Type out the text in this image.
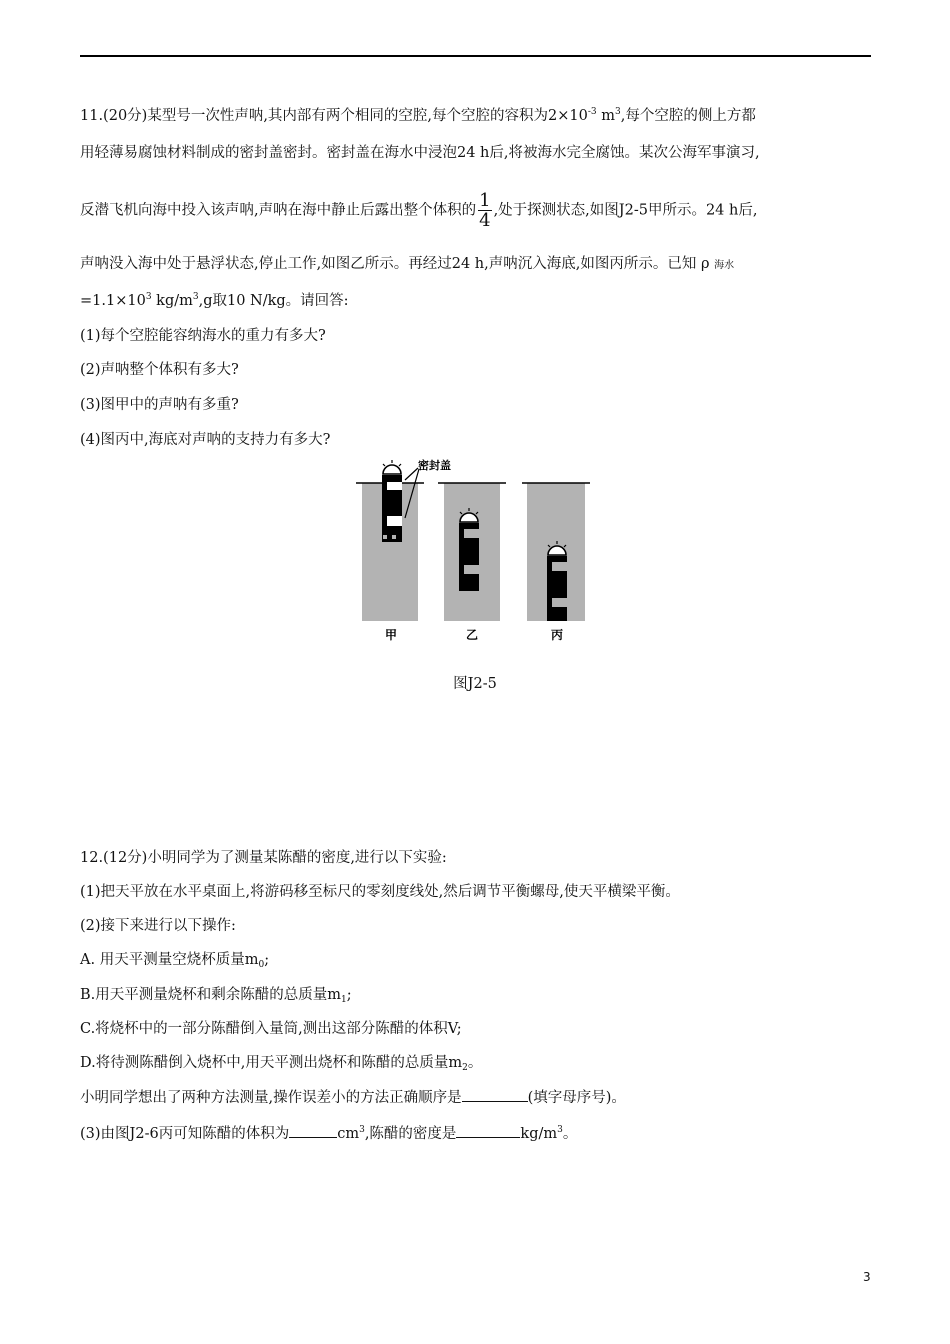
11.(20分)某型号一次性声呐,其内部有两个相同的空腔,每个空腔的容积为$2\times 10^{-3}$ $m^3$,每个空腔的侧上方都
用轻薄易腐蚀材料制成的密封盖密封。密封盖在海水中浸泡24 h后,将被海水完全腐蚀。某次公海军事演习,
反潜飞机向海中投入该声呐,声呐在海中静止后露出整个体积的 $\frac{1}{4}$ ,处于探测状态,如图J2-5甲所示。24 h后,
声呐没入海中处于悬浮状态,停止工作,如图乙所示。再经过24 h,声呐沉入海底,如图丙所示。已知 ρ 海水
$=1.1\times 10^3$ $kg/m^3,g$取10 N/kg。请回答:
(1)每个空腔能容纳海水的重力有多大?
(2)声呐整个体积有多大?
(3)图甲中的声呐有多重?
(4)图丙中,海底对声呐的支持力有多大?
密封盖
甲	乙	丙
图J2-5
12.(12分)小明同学为了测量某陈醋的密度,进行以下实验:
(1)把天平放在水平桌面上,将游码移至标尺的零刻度线处,然后调节平衡螺母,使天平横梁平衡。
(2)接下来进行以下操作:
A. 用天平测量空烧杯质量$m_0$;
B.用天平测量烧杯和剩余陈醋的总质量$m_1$;
C.将烧杯中的一部分陈醋倒入量筒,测出这部分陈醋的体积V;
D.将待测陈醋倒入烧杯中,用天平测出烧杯和陈醋的总质量$m_2$。
小明同学想出了两种方法测量,操作误差小的方法正确顺序是	(填字母序号)。
(3)由图J2-6丙可知陈醋的体积为	$cm^3$,陈醋的密度是	$kg/m^3$。
3
